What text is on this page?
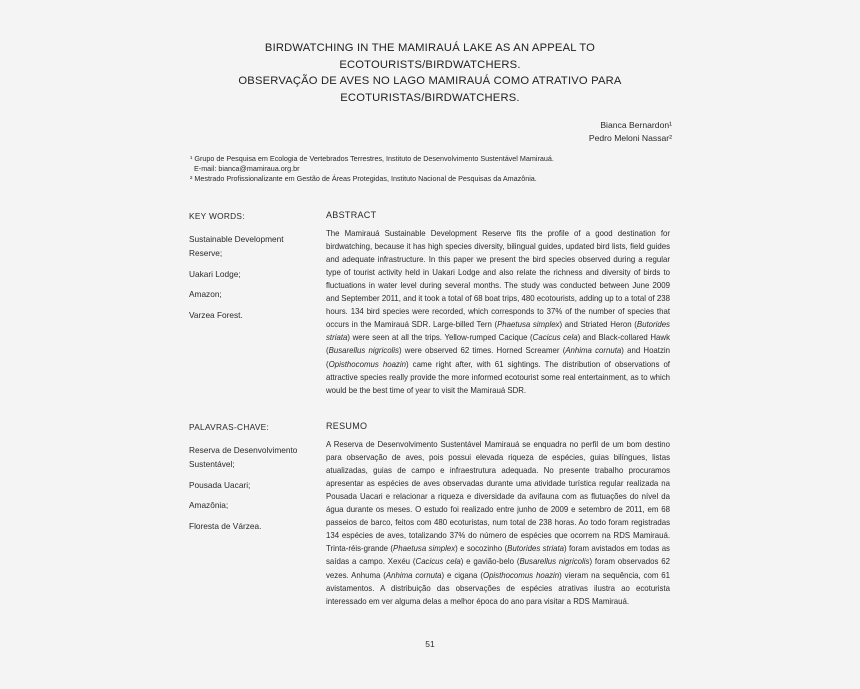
BIRDWATCHING IN THE MAMIRAUÁ LAKE AS AN APPEAL TO
ECOTOURISTS/BIRDWATCHERS.
OBSERVAÇÃO DE AVES NO LAGO MAMIRAUÁ COMO ATRATIVO PARA
ECOTURISTAS/BIRDWATCHERS.
Bianca Bernardon¹
Pedro Meloni Nassar²
¹ Grupo de Pesquisa em Ecologia de Vertebrados Terrestres, Instituto de Desenvolvimento Sustentável Mamirauá.
E-mail: bianca@mamiraua.org.br
² Mestrado Profissionalizante em Gestão de Áreas Protegidas, Instituto Nacional de Pesquisas da Amazônia.
KEY WORDS:
Sustainable Development Reserve;
Uakari Lodge;
Amazon;
Varzea Forest.
ABSTRACT
The Mamirauá Sustainable Development Reserve fits the profile of a good destination for birdwatching, because it has high species diversity, bilingual guides, updated bird lists, field guides and adequate infrastructure. In this paper we present the bird species observed during a regular type of tourist activity held in Uakari Lodge and also relate the richness and diversity of birds to fluctuations in water level during several months. The study was conducted between June 2009 and September 2011, and it took a total of 68 boat trips, 480 ecotourists, adding up to a total of 238 hours. 134 bird species were recorded, which corresponds to 37% of the number of species that occurs in the Mamirauá SDR. Large-billed Tern (Phaetusa simplex) and Striated Heron (Butorides striata) were seen at all the trips. Yellow-rumped Cacique (Cacicus cela) and Black-collared Hawk (Busarellus nigricolis) were observed 62 times. Horned Screamer (Anhima cornuta) and Hoatzin (Opisthocomus hoazin) came right after, with 61 sightings. The distribution of observations of attractive species really provide the more informed ecotourist some real entertainment, as to which would be the best time of year to visit the Mamirauá SDR.
PALAVRAS-CHAVE:
Reserva de Desenvolvimento Sustentável;
Pousada Uacari;
Amazônia;
Floresta de Várzea.
RESUMO
A Reserva de Desenvolvimento Sustentável Mamirauá se enquadra no perfil de um bom destino para observação de aves, pois possui elevada riqueza de espécies, guias bilíngues, listas atualizadas, guias de campo e infraestrutura adequada. No presente trabalho procuramos apresentar as espécies de aves observadas durante uma atividade turística regular realizada na Pousada Uacari e relacionar a riqueza e diversidade da avifauna com as flutuações do nível da água durante os meses. O estudo foi realizado entre junho de 2009 e setembro de 2011, em 68 passeios de barco, feitos com 480 ecoturistas, num total de 238 horas. Ao todo foram registradas 134 espécies de aves, totalizando 37% do número de espécies que ocorrem na RDS Mamirauá. Trinta-réis-grande (Phaetusa simplex) e socozinho (Butorides striata) foram avistados em todas as saídas a campo. Xexéu (Cacicus cela) e gavião-belo (Busarellus nigricolis) foram observados 62 vezes. Anhuma (Anhima cornuta) e cigana (Opisthocomus hoazin) vieram na sequência, com 61 avistamentos. A distribuição das observações de espécies atrativas ilustra ao ecoturista interessado em ver alguma delas a melhor época do ano para visitar a RDS Mamirauá.
51
